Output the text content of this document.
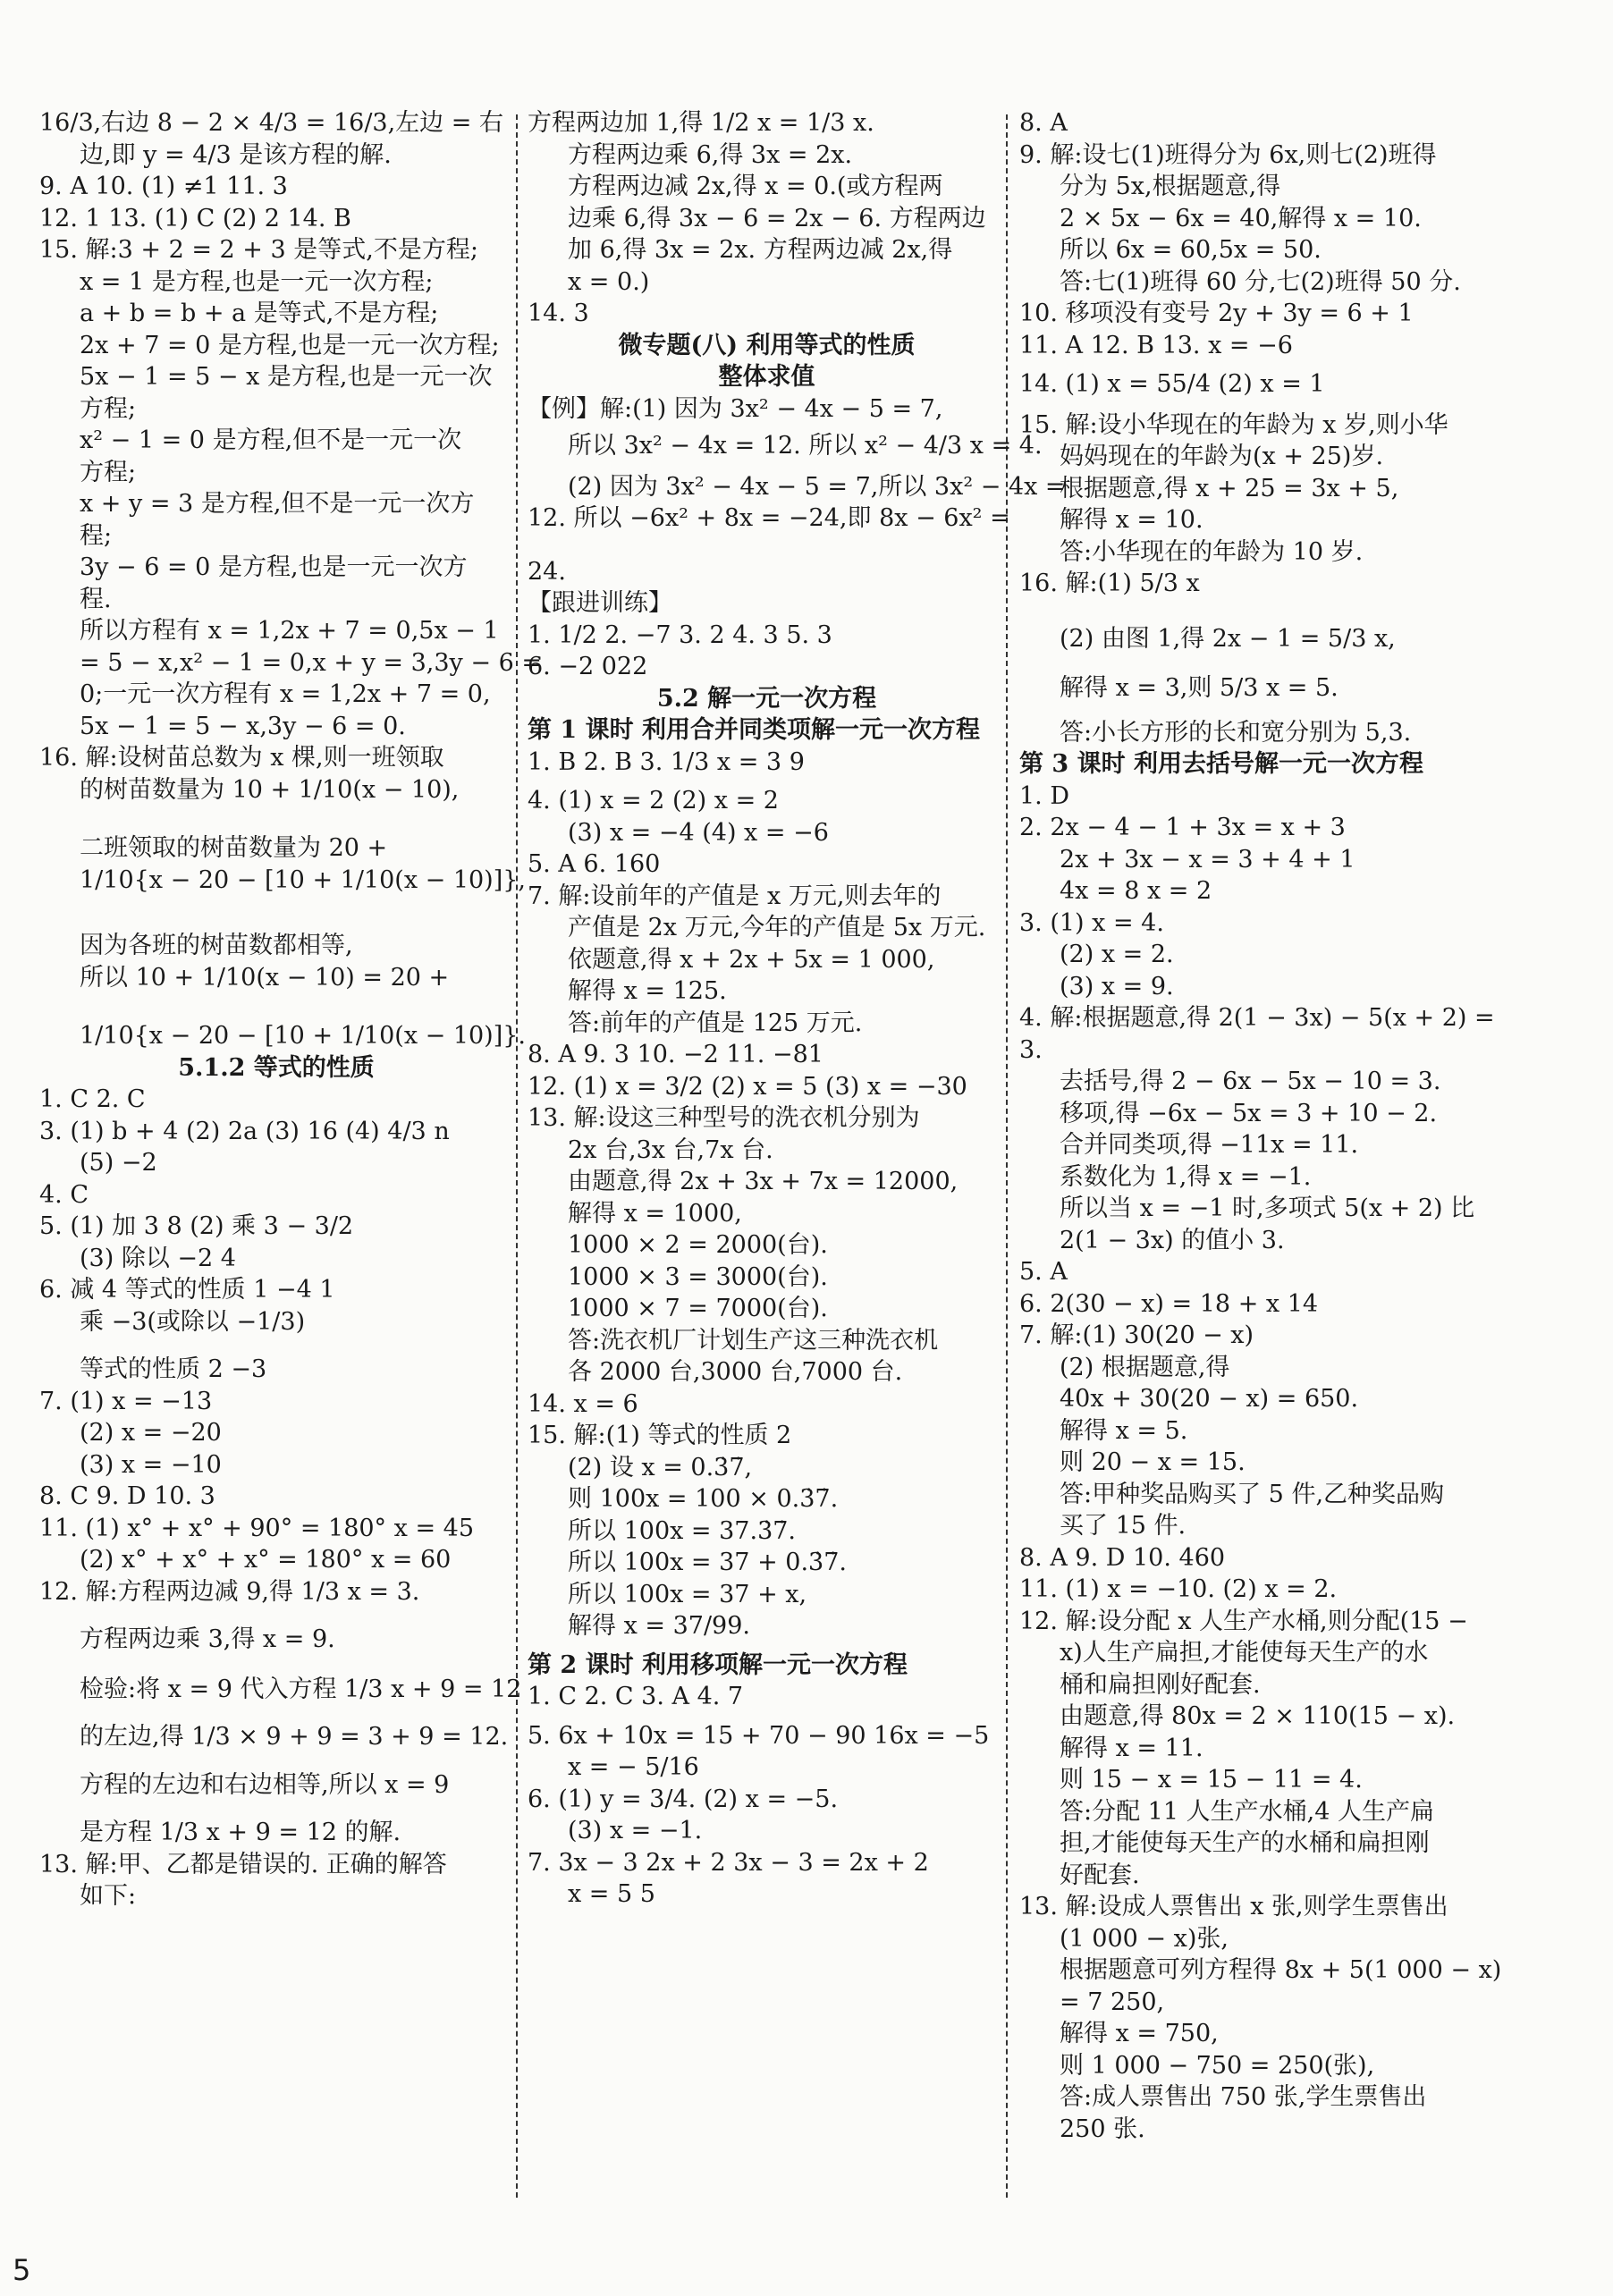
16/3,右边 8 − 2 × 4/3 = 16/3,左边 = 右
边,即 y = 4/3 是该方程的解.
9. A 10. (1) ≠1 11. 3
12. 1 13. (1) C (2) 2 14. B
15. 解:3 + 2 = 2 + 3 是等式,不是方程;
x = 1 是方程,也是一元一次方程;
a + b = b + a 是等式,不是方程;
2x + 7 = 0 是方程,也是一元一次方程;
5x − 1 = 5 − x 是方程,也是一元一次
方程;
x² − 1 = 0 是方程,但不是一元一次
方程;
x + y = 3 是方程,但不是一元一次方
程;
3y − 6 = 0 是方程,也是一元一次方
程.
所以方程有 x = 1,2x + 7 = 0,5x − 1
= 5 − x,x² − 1 = 0,x + y = 3,3y − 6 =
0;一元一次方程有 x = 1,2x + 7 = 0,
5x − 1 = 5 − x,3y − 6 = 0.
16. 解:设树苗总数为 x 棵,则一班领取
的树苗数量为 10 + 1/10(x − 10),
二班领取的树苗数量为 20 +
1/10{x − 20 − [10 + 1/10(x − 10)]},
因为各班的树苗数都相等,
所以 10 + 1/10(x − 10) = 20 +
1/10{x − 20 − [10 + 1/10(x − 10)]}.
5.1.2 等式的性质
1. C 2. C
3. (1) b + 4 (2) 2a (3) 16 (4) 4/3 n
(5) −2
4. C
5. (1) 加 3 8 (2) 乘 3 − 3/2
(3) 除以 −2 4
6. 减 4 等式的性质 1 −4 1
乘 −3(或除以 −1/3)
等式的性质 2 −3
7. (1) x = −13
(2) x = −20
(3) x = −10
8. C 9. D 10. 3
11. (1) x° + x° + 90° = 180° x = 45
(2) x° + x° + x° = 180° x = 60
12. 解:方程两边减 9,得 1/3 x = 3.
方程两边乘 3,得 x = 9.
检验:将 x = 9 代入方程 1/3 x + 9 = 12
的左边,得 1/3 × 9 + 9 = 3 + 9 = 12.
方程的左边和右边相等,所以 x = 9
是方程 1/3 x + 9 = 12 的解.
13. 解:甲、乙都是错误的. 正确的解答
如下:
方程两边加 1,得 1/2 x = 1/3 x.
方程两边乘 6,得 3x = 2x.
方程两边减 2x,得 x = 0.(或方程两
边乘 6,得 3x − 6 = 2x − 6. 方程两边
加 6,得 3x = 2x. 方程两边减 2x,得
x = 0.)
14. 3
微专题(八) 利用等式的性质
整体求值
【例】解:(1) 因为 3x² − 4x − 5 = 7,
所以 3x² − 4x = 12. 所以 x² − 4/3 x = 4.
(2) 因为 3x² − 4x − 5 = 7,所以 3x² − 4x =
12. 所以 −6x² + 8x = −24,即 8x − 6x² =
24.
【跟进训练】
1. 1/2 2. −7 3. 2 4. 3 5. 3
6. −2 022
5.2 解一元一次方程
第 1 课时 利用合并同类项解一元一次方程
1. B 2. B 3. 1/3 x = 3 9
4. (1) x = 2 (2) x = 2
(3) x = −4 (4) x = −6
5. A 6. 160
7. 解:设前年的产值是 x 万元,则去年的
产值是 2x 万元,今年的产值是 5x 万元.
依题意,得 x + 2x + 5x = 1 000,
解得 x = 125.
答:前年的产值是 125 万元.
8. A 9. 3 10. −2 11. −81
12. (1) x = 3/2 (2) x = 5 (3) x = −30
13. 解:设这三种型号的洗衣机分别为
2x 台,3x 台,7x 台.
由题意,得 2x + 3x + 7x = 12000,
解得 x = 1000,
1000 × 2 = 2000(台).
1000 × 3 = 3000(台).
1000 × 7 = 7000(台).
答:洗衣机厂计划生产这三种洗衣机
各 2000 台,3000 台,7000 台.
14. x = 6
15. 解:(1) 等式的性质 2
(2) 设 x = 0.3̇7̇,
则 100x = 100 × 0.3̇7̇.
所以 100x = 37.3̇7̇.
所以 100x = 37 + 0.3̇7̇.
所以 100x = 37 + x,
解得 x = 37/99.
第 2 课时 利用移项解一元一次方程
1. C 2. C 3. A 4. 7
5. 6x + 10x = 15 + 70 − 90 16x = −5
x = − 5/16
6. (1) y = 3/4. (2) x = −5.
(3) x = −1.
7. 3x − 3 2x + 2 3x − 3 = 2x + 2
x = 5 5
8. A
9. 解:设七(1)班得分为 6x,则七(2)班得
分为 5x,根据题意,得
2 × 5x − 6x = 40,解得 x = 10.
所以 6x = 60,5x = 50.
答:七(1)班得 60 分,七(2)班得 50 分.
10. 移项没有变号 2y + 3y = 6 + 1
11. A 12. B 13. x = −6
14. (1) x = 55/4 (2) x = 1
15. 解:设小华现在的年龄为 x 岁,则小华
妈妈现在的年龄为(x + 25)岁.
根据题意,得 x + 25 = 3x + 5,
解得 x = 10.
答:小华现在的年龄为 10 岁.
16. 解:(1) 5/3 x
(2) 由图 1,得 2x − 1 = 5/3 x,
解得 x = 3,则 5/3 x = 5.
答:小长方形的长和宽分别为 5,3.
第 3 课时 利用去括号解一元一次方程
1. D
2. 2x − 4 − 1 + 3x = x + 3
2x + 3x − x = 3 + 4 + 1
4x = 8 x = 2
3. (1) x = 4.
(2) x = 2.
(3) x = 9.
4. 解:根据题意,得 2(1 − 3x) − 5(x + 2) =
3.
去括号,得 2 − 6x − 5x − 10 = 3.
移项,得 −6x − 5x = 3 + 10 − 2.
合并同类项,得 −11x = 11.
系数化为 1,得 x = −1.
所以当 x = −1 时,多项式 5(x + 2) 比
2(1 − 3x) 的值小 3.
5. A
6. 2(30 − x) = 18 + x 14
7. 解:(1) 30(20 − x)
(2) 根据题意,得
40x + 30(20 − x) = 650.
解得 x = 5.
则 20 − x = 15.
答:甲种奖品购买了 5 件,乙种奖品购
买了 15 件.
8. A 9. D 10. 460
11. (1) x = −10. (2) x = 2.
12. 解:设分配 x 人生产水桶,则分配(15 −
x)人生产扁担,才能使每天生产的水
桶和扁担刚好配套.
由题意,得 80x = 2 × 110(15 − x).
解得 x = 11.
则 15 − x = 15 − 11 = 4.
答:分配 11 人生产水桶,4 人生产扁
担,才能使每天生产的水桶和扁担刚
好配套.
13. 解:设成人票售出 x 张,则学生票售出
(1 000 − x)张,
根据题意可列方程得 8x + 5(1 000 − x)
= 7 250,
解得 x = 750,
则 1 000 − 750 = 250(张),
答:成人票售出 750 张,学生票售出
250 张.
5
